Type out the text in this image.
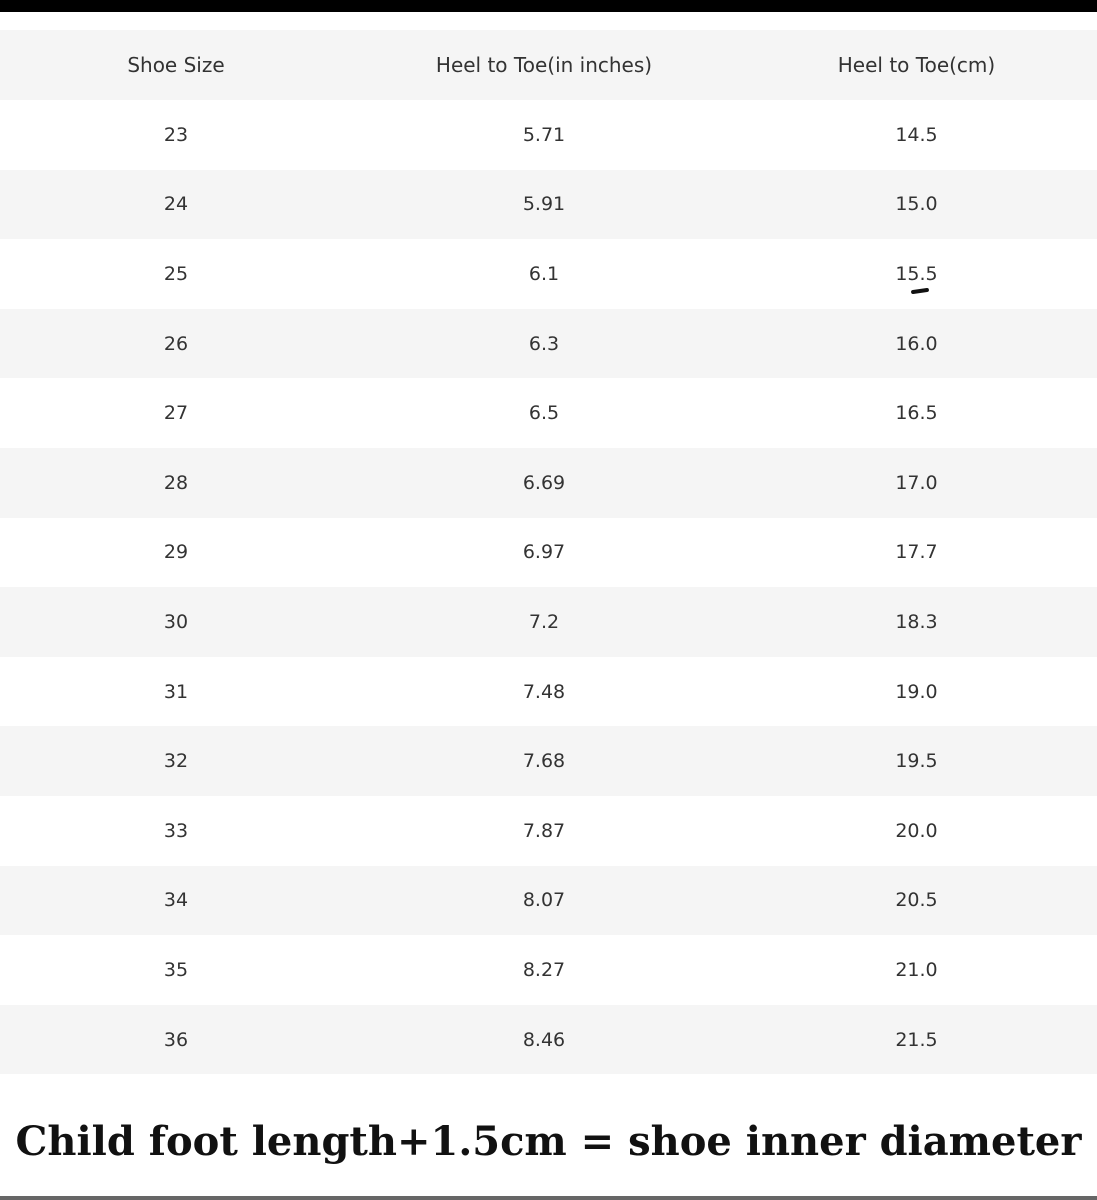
Shoe Size	Heel to Toe(in inches)	Heel to Toe(cm)
23	5.71	14.5
24	5.91	15.0
25	6.1	15.5
26	6.3	16.0
27	6.5	16.5
28	6.69	17.0
29	6.97	17.7
30	7.2	18.3
31	7.48	19.0
32	7.68	19.5
33	7.87	20.0
34	8.07	20.5
35	8.27	21.0
36	8.46	21.5
Child foot length+1.5cm = shoe inner diameter
